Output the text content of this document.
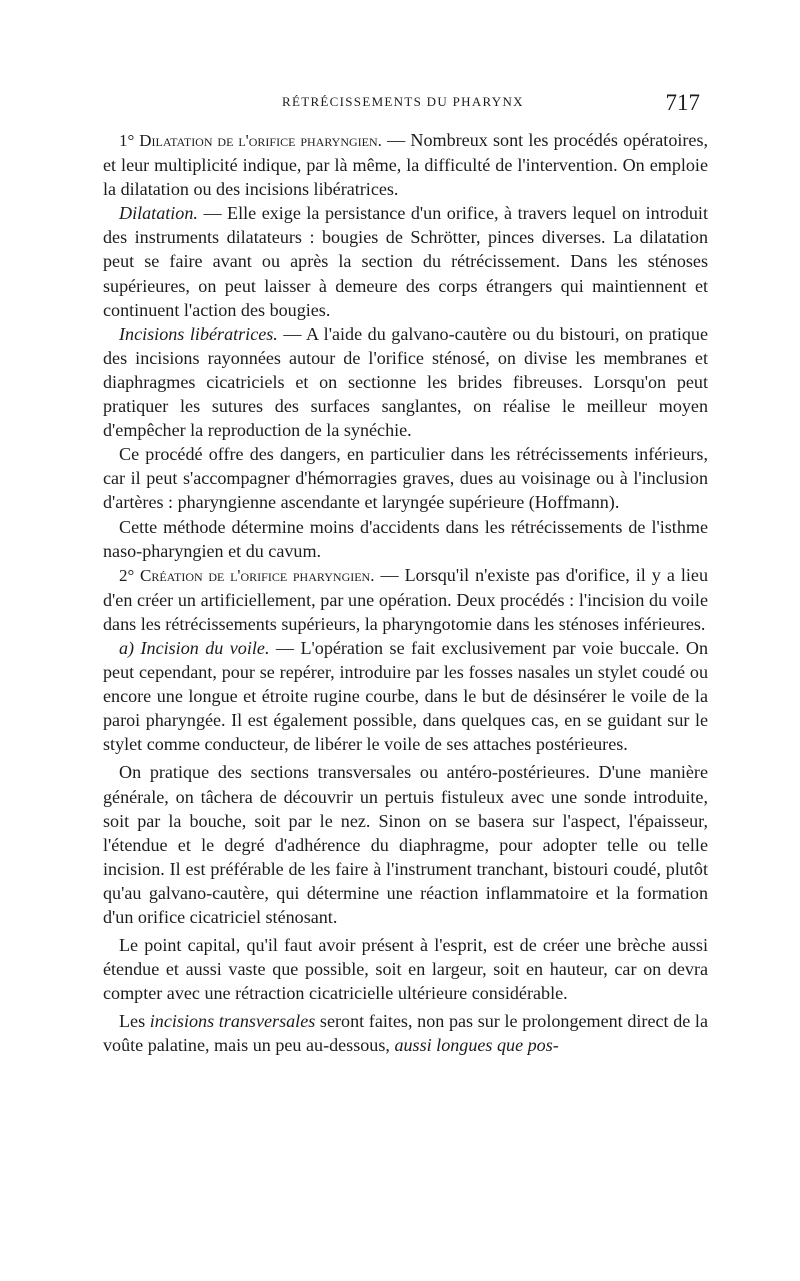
RÉTRÉCISSEMENTS DU PHARYNX	717

1° Dilatation de l'orifice pharyngien. — Nombreux sont les procédés opératoires, et leur multiplicité indique, par là même, la difficulté de l'intervention. On emploie la dilatation ou des incisions libératrices.

Dilatation. — Elle exige la persistance d'un orifice, à travers lequel on introduit des instruments dilatateurs : bougies de Schrötter, pinces diverses. La dilatation peut se faire avant ou après la section du rétrécissement. Dans les sténoses supérieures, on peut laisser à demeure des corps étrangers qui maintiennent et continuent l'action des bougies.

Incisions libératrices. — A l'aide du galvano-cautère ou du bistouri, on pratique des incisions rayonnées autour de l'orifice sténosé, on divise les membranes et diaphragmes cicatriciels et on sectionne les brides fibreuses. Lorsqu'on peut pratiquer les sutures des surfaces sanglantes, on réalise le meilleur moyen d'empêcher la reproduction de la synéchie.

Ce procédé offre des dangers, en particulier dans les rétrécissements inférieurs, car il peut s'accompagner d'hémorragies graves, dues au voisinage ou à l'inclusion d'artères : pharyngienne ascendante et laryngée supérieure (Hoffmann).

Cette méthode détermine moins d'accidents dans les rétrécissements de l'isthme naso-pharyngien et du cavum.

2° Création de l'orifice pharyngien. — Lorsqu'il n'existe pas d'orifice, il y a lieu d'en créer un artificiellement, par une opération. Deux procédés : l'incision du voile dans les rétrécissements supérieurs, la pharyngotomie dans les sténoses inférieures.

a) Incision du voile. — L'opération se fait exclusivement par voie buccale. On peut cependant, pour se repérer, introduire par les fosses nasales un stylet coudé ou encore une longue et étroite rugine courbe, dans le but de désinsérer le voile de la paroi pharyngée. Il est également possible, dans quelques cas, en se guidant sur le stylet comme conducteur, de libérer le voile de ses attaches postérieures.

On pratique des sections transversales ou antéro-postérieures. D'une manière générale, on tâchera de découvrir un pertuis fistuleux avec une sonde introduite, soit par la bouche, soit par le nez. Sinon on se basera sur l'aspect, l'épaisseur, l'étendue et le degré d'adhérence du diaphragme, pour adopter telle ou telle incision. Il est préférable de les faire à l'instrument tranchant, bistouri coudé, plutôt qu'au galvano-cautère, qui détermine une réaction inflammatoire et la formation d'un orifice cicatriciel sténosant.

Le point capital, qu'il faut avoir présent à l'esprit, est de créer une brèche aussi étendue et aussi vaste que possible, soit en largeur, soit en hauteur, car on devra compter avec une rétraction cicatricielle ultérieure considérable.

Les incisions transversales seront faites, non pas sur le prolongement direct de la voûte palatine, mais un peu au-dessous, aussi longues que pos-
